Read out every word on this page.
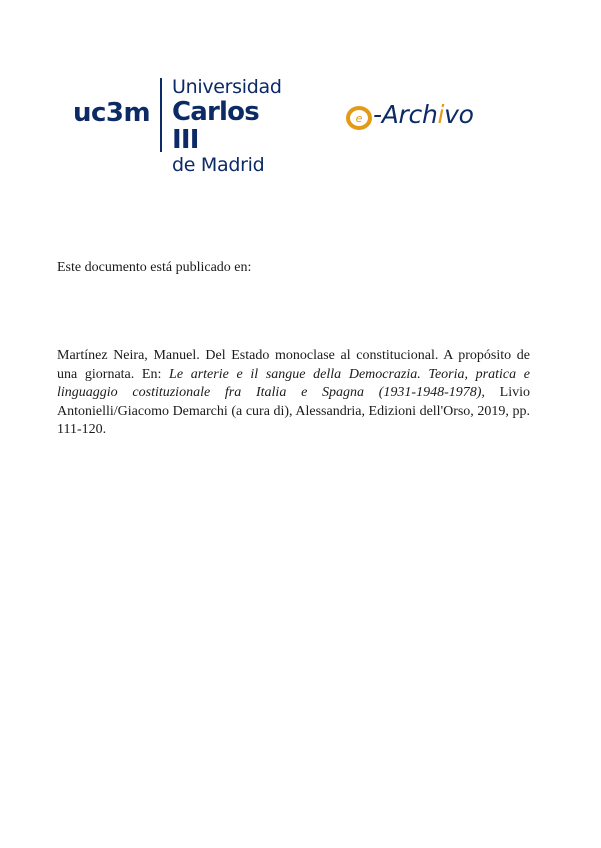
uc3m
Universidad
Carlos III
de Madrid
e -Archivo
Este documento está publicado en:
Martínez Neira, Manuel. Del Estado monoclase al constitucional. A propósito de una giornata. En: Le arterie e il sangue della Democrazia. Teoria, pratica e linguaggio costituzionale fra Italia e Spagna (1931-1948-1978), Livio Antonielli/Giacomo Demarchi (a cura di), Alessandria, Edizioni dell'Orso, 2019, pp. 111-120.
